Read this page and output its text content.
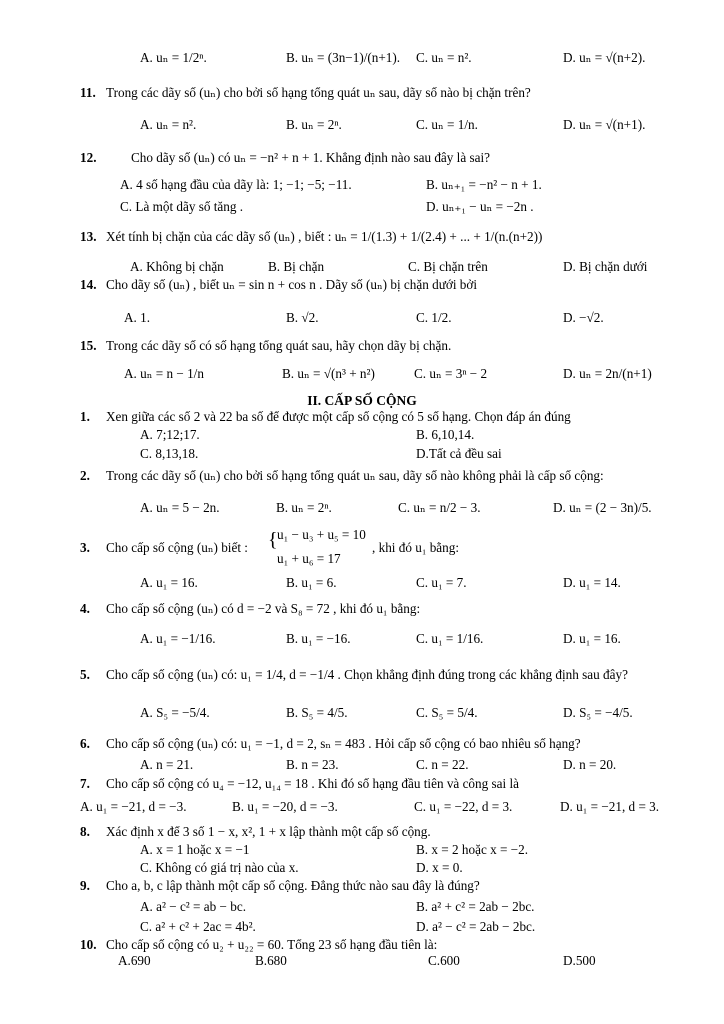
A. uₙ = 1/2ⁿ.	B. uₙ = (3n−1)/(n+1). C. uₙ = n².	D. uₙ = √(n+2).
11. Trong các dãy số (uₙ) cho bởi số hạng tổng quát uₙ sau, dãy số nào bị chặn trên?
A. uₙ = n².	B. uₙ = 2ⁿ.	C. uₙ = 1/n.	D. uₙ = √(n+1).
12.	Cho dãy số (uₙ) có uₙ = −n² + n + 1. Khẳng định nào sau đây là sai?
A. 4 số hạng đầu của dãy là: 1; −1; −5; −11.	B. uₙ₊₁ = −n² − n + 1.
C. Là một dãy số tăng .	D. uₙ₊₁ − uₙ = −2n .
13. Xét tính bị chặn của các dãy số (uₙ) , biết : uₙ = 1/(1.3) + 1/(2.4) + ... + 1/(n.(n+2))
A. Không bị chặn	B. Bị chặn	C. Bị chặn trên	D. Bị chặn dưới
14. Cho dãy số (uₙ) , biết uₙ = sin n + cos n . Dãy số (uₙ) bị chặn dưới bởi
A. 1.	B. √2.	C. 1/2.	D. −√2.
15. Trong các dãy số có số hạng tổng quát sau, hãy chọn dãy bị chặn.
A. uₙ = n − 1/n	B. uₙ = √(n³ + n²)	C. uₙ = 3ⁿ − 2	D. uₙ = 2n/(n+1)
II. CẤP SỐ CỘNG
1. Xen giữa các số 2 và 22 ba số để được một cấp số cộng có 5 số hạng. Chọn đáp án đúng
A. 7;12;17.	B. 6,10,14.
C. 8,13,18.	D.Tất cả đều sai
2. Trong các dãy số (uₙ) cho bởi số hạng tổng quát uₙ sau, dãy số nào không phải là cấp số cộng:
A. uₙ = 5 − 2n.	B. uₙ = 2ⁿ.	C. uₙ = n/2 − 3.	D. uₙ = (2 − 3n)/5.
3. Cho cấp số cộng (uₙ) biết : { u₁ − u₃ + u₅ = 10
u₁ + u₆ = 17
, khi đó u₁ bằng:
A. u₁ = 16.	B. u₁ = 6.	C. u₁ = 7.	D. u₁ = 14.
4. Cho cấp số cộng (uₙ) có d = −2 và S₈ = 72 , khi đó u₁ bằng:
A. u₁ = −1/16.	B. u₁ = −16.	C. u₁ = 1/16.	D. u₁ = 16.
5. Cho cấp số cộng (uₙ) có: u₁ = 1/4, d = −1/4 . Chọn khẳng định đúng trong các khẳng định sau đây?
A. S₅ = −5/4.	B. S₅ = 4/5.	C. S₅ = 5/4.	D. S₅ = −4/5.
6. Cho cấp số cộng (uₙ) có: u₁ = −1, d = 2, sₙ = 483 . Hỏi cấp số cộng có bao nhiêu số hạng?
A. n = 21.	B. n = 23.	C. n = 22.	D. n = 20.
7. Cho cấp số cộng có u₄ = −12, u₁₄ = 18 . Khi đó số hạng đầu tiên và công sai là
A. u₁ = −21, d = −3.	B. u₁ = −20, d = −3.	C. u₁ = −22, d = 3.	D. u₁ = −21, d = 3.
8. Xác định x để 3 số 1 − x, x², 1 + x lập thành một cấp số cộng.
A. x = 1 hoặc x = −1	B. x = 2 hoặc x = −2.
C. Không có giá trị nào của x.	D. x = 0.
9. Cho a, b, c lập thành một cấp số cộng. Đẳng thức nào sau đây là đúng?
A. a² − c² = ab − bc.	B. a² + c² = 2ab − 2bc.
C. a² + c² + 2ac = 4b².	D. a² − c² = 2ab − 2bc.
10. Cho cấp số cộng có u₂ + u₂₂ = 60. Tổng 23 số hạng đầu tiên là:
A.690	B.680	C.600	D.500
